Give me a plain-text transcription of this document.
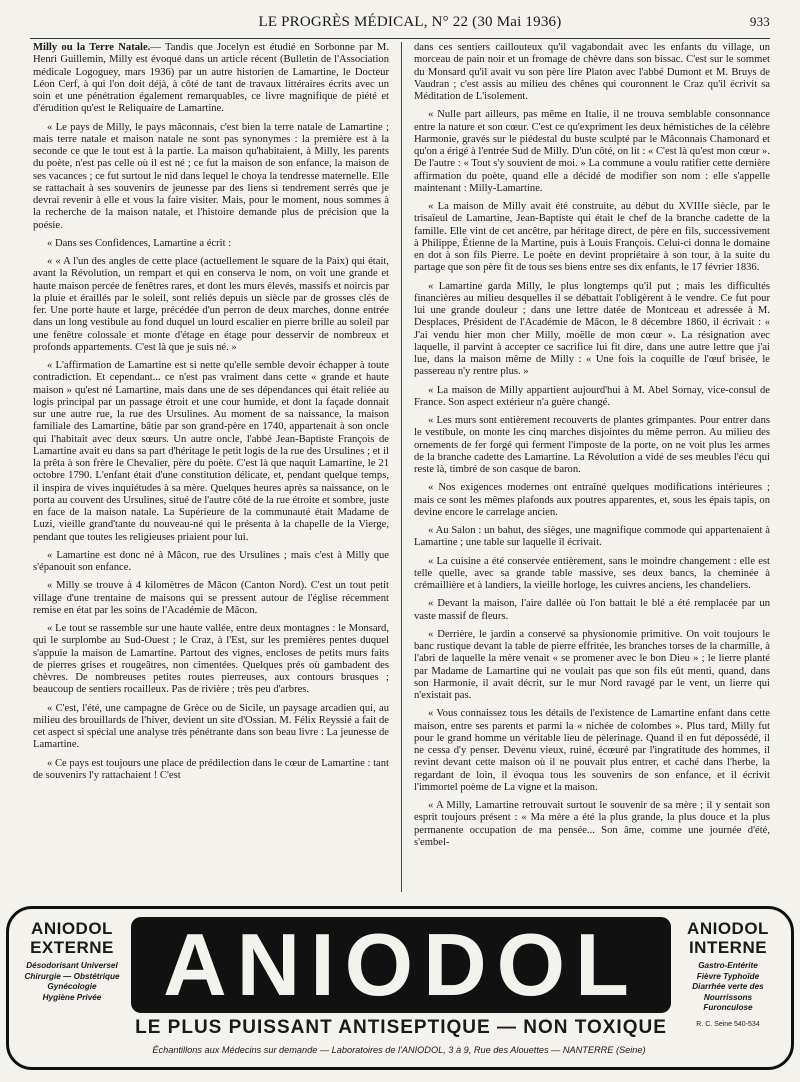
LE PROGRÈS MÉDICAL, N° 22 (30 Mai 1936)	933

Milly ou la Terre Natale.— Tandis que Jocelyn est étudié en Sorbonne par M. Henri Guillemin, Milly est évoqué dans un article récent (Bulletin de l'Association médicale Logoguey, mars 1936) par un autre historien de Lamartine, le Docteur Léon Cerf, à qui l'on doit déjà, à côté de tant de travaux littéraires écrits avec un soin et une pénétration également remarquables, ce livre magnifique de piété et d'érudition qu'est le Reliquaire de Lamartine.

« Le pays de Milly, le pays mâconnais, c'est bien la terre natale de Lamartine ; mais terre natale et maison natale ne sont pas synonymes : la première est à la seconde ce que le tout est à la partie. La maison qu'habitaient, à Milly, les parents du poète, n'est pas celle où il est né ; ce fut la maison de son enfance, la maison de ses vacances ; ce fut surtout le nid dans lequel le choya la tendresse maternelle. Elle se rattachait à ses souvenirs de jeunesse par des liens si tendrement serrés que je devrai revenir à elle et vous la faire visiter. Mais, pour le moment, nous sommes à la recherche de la maison natale, et l'histoire demande plus de précision que la poésie.

« Dans ses Confidences, Lamartine a écrit :

« « A l'un des angles de cette place (actuellement le square de la Paix) qui était, avant la Révolution, un rempart et qui en conserva le nom, on voit une grande et haute maison percée de fenêtres rares, et dont les murs élevés, massifs et noircis par la pluie et éraillés par le soleil, sont reliés depuis un siècle par de grosses clés de fer. Une porte haute et large, précédée d'un perron de deux marches, donne entrée dans un long vestibule au fond duquel un lourd escalier en pierre brille au soleil par une fenêtre colossale et monte d'étage en étage pour desservir de nombreux et profonds appartements. C'est là que je suis né. »

« L'affirmation de Lamartine est si nette qu'elle semble devoir échapper à toute contradiction. Et cependant... ce n'est pas vraiment dans cette « grande et haute maison » qu'est né Lamartine, mais dans une de ses dépendances qui était reliée au logis principal par un passage étroit et une cour humide, et dont la façade donnait sur une autre rue, la rue des Ursulines. Au moment de sa naissance, la maison familiale des Lamartine, bâtie par son grand-père en 1740, appartenait à son oncle qui l'habitait avec deux sœurs. Un autre oncle, l'abbé Jean-Baptiste François de Lamartine avait eu dans sa part d'héritage le petit logis de la rue des Ursulines ; et il la prêta à son frère le Chevalier, père du poète. C'est là que naquit Lamartine, le 21 octobre 1790. L'enfant était d'une constitution délicate, et, pendant quelque temps, il inspira de vives inquiétudes à sa mère. Quelques heures après sa naissance, on le porta au couvent des Ursulines, situé de l'autre côté de la rue étroite et sombre, juste en face de la maison natale. La Supérieure de la communauté était Madame de Luzi, vieille grand'tante du nouveau-né qui le présenta à la chapelle de la Vierge, pendant que toutes les religieuses priaient pour lui.

« Lamartine est donc né à Mâcon, rue des Ursulines ; mais c'est à Milly que s'épanouit son enfance.

« Milly se trouve à 4 kilomètres de Mâcon (Canton Nord). C'est un tout petit village d'une trentaine de maisons qui se pressent autour de l'église récemment remise en état par les soins de l'Académie de Mâcon.

« Le tout se rassemble sur une haute vallée, entre deux montagnes : le Monsard, qui le surplombe au Sud-Ouest ; le Craz, à l'Est, sur les premières pentes duquel s'appuie la maison de Lamartine. Partout des vignes, encloses de petits murs faits de pierres grises et rougeâtres, non cimentées. Quelques prés où gambadent des chèvres. De nombreuses petites routes pierreuses, aux contours brusques ; beaucoup de sentiers rocailleux. Pas de rivière ; très peu d'arbres.

« C'est, l'été, une campagne de Grèce ou de Sicile, un paysage arcadien qui, au milieu des brouillards de l'hiver, devient un site d'Ossian. M. Félix Reyssié a fait de cet aspect si spécial une analyse très pénétrante dans son beau livre : La jeunesse de Lamartine.

« Ce pays est toujours une place de prédilection dans le cœur de Lamartine : tant de souvenirs l'y rattachaient ! C'est

dans ces sentiers caillouteux qu'il vagabondait avec les enfants du village, un morceau de pain noir et un fromage de chèvre dans son bissac. C'est sur le sommet du Monsard qu'il avait vu son père lire Platon avec l'abbé Dumont et M. Bruys de Vaudran ; c'est assis au milieu des chênes qui couronnent le Craz qu'il écrivit sa Méditation de L'isolement.

« Nulle part ailleurs, pas même en Italie, il ne trouva semblable consonnance entre la nature et son cœur. C'est ce qu'expriment les deux hémistiches de la célèbre Harmonie, gravés sur le piédestal du buste sculpté par le Mâconnais Chamonard et qu'on a érigé à l'entrée Sud de Milly. D'un côté, on lit : « C'est là qu'est mon cœur ». De l'autre : « Tout s'y souvient de moi. » La commune a voulu ratifier cette dernière affirmation du poète, quand elle a décidé de modifier son nom : elle s'appelle maintenant : Milly-Lamartine.

« La maison de Milly avait été construite, au début du XVIIIe siècle, par le trisaïeul de Lamartine, Jean-Baptiste qui était le chef de la branche cadette de la famille. Elle vint de cet ancêtre, par héritage direct, de père en fils, successivement à Philippe, Étienne de la Martine, puis à Louis François. Celui-ci donna le domaine en dot à son fils Pierre. Le poète en devint propriétaire à son tour, à la suite du partage que son père fit de tous ses biens entre ses dix enfants, le 17 février 1836.

« Lamartine garda Milly, le plus longtemps qu'il put ; mais les difficultés financières au milieu desquelles il se débattait l'obligèrent à le vendre. Ce fut pour lui une grande douleur ; dans une lettre datée de Montceau et adressée à M. Desplaces, Président de l'Académie de Mâcon, le 8 décembre 1860, il écrivait : « J'ai vendu hier mon cher Milly, moëlle de mon cœur ». La résignation avec laquelle, il parvint à accepter ce sacrifice lui fit dire, dans une autre lettre que j'ai lue, dans la maison même de Milly : « Une fois la coquille de l'œuf brisée, le passereau n'y rentre plus. »

« La maison de Milly appartient aujourd'hui à M. Abel Sornay, vice-consul de France. Son aspect extérieur n'a guère changé.

« Les murs sont entièrement recouverts de plantes grimpantes. Pour entrer dans le vestibule, on monte les cinq marches disjointes du même perron. Au milieu des ornements de fer forgé qui ferment l'imposte de la porte, on ne voit plus les armes de la branche cadette des Lamartine. La Révolution a vidé de ses meubles l'écu qui reste là, timbré de son casque de baron.

« Nos exigences modernes ont entraîné quelques modifications intérieures ; mais ce sont les mêmes plafonds aux poutres apparentes, et, sous les épais tapis, on devine encore le carrelage ancien.

« Au Salon : un bahut, des sièges, une magnifique commode qui appartenaient à Lamartine ; une table sur laquelle il écrivait.

« La cuisine a été conservée entièrement, sans le moindre changement : elle est telle quelle, avec sa grande table massive, ses deux bancs, la cheminée à crémaillière et à landiers, la vieille horloge, les cuivres anciens, les chandeliers.

« Devant la maison, l'aire dallée où l'on battait le blé a été remplacée par un vaste massif de fleurs.

« Derrière, le jardin a conservé sa physionomie primitive. On voit toujours le banc rustique devant la table de pierre effritée, les branches torses de la charmille, à l'abri de laquelle la mère venait « se promener avec le bon Dieu » ; le lierre planté par Madame de Lamartine qui ne voulait pas que son fils eût menti, quand, dans son Harmonie, il avait décrit, sur le mur Nord ravagé par le vent, un lierre qui n'existait pas.

« Vous connaissez tous les détails de l'existence de Lamartine enfant dans cette maison, entre ses parents et parmi la « nichée de colombes ». Plus tard, Milly fut pour le grand homme un véritable lieu de pèlerinage. Quand il en fut dépossédé, il ne cessa d'y penser. Devenu vieux, ruiné, écœuré par l'ingratitude des hommes, il revint devant cette maison où il ne pouvait plus entrer, et caché dans l'herbe, la regardant de loin, il évoqua tous les souvenirs de son enfance, et il écrivit l'immortel poème de La vigne et la maison.

« A Milly, Lamartine retrouvait surtout le souvenir de sa mère ; il y sentait son esprit toujours présent : « Ma mère a été la plus grande, la plus douce et la plus permanente occupation de ma pensée... Son âme, comme une journée d'été, s'embel-

ANIODOL EXTERNE
Désodorisant Universel
Chirurgie — Obstétrique
Gynécologie
Hygiène Privée ANIODOL	ANIODOL INTERNE
Gastro-Entérite
Fièvre Typhoïde
Diarrhée verte des Nourrissons
Furonculose
R. C. Seine 540-534
LE PLUS PUISSANT ANTISEPTIQUE — NON TOXIQUE
Échantillons aux Médecins sur demande — Laboratoires de l'ANIODOL, 3 à 9, Rue des Alouettes — NANTERRE (Seine)
